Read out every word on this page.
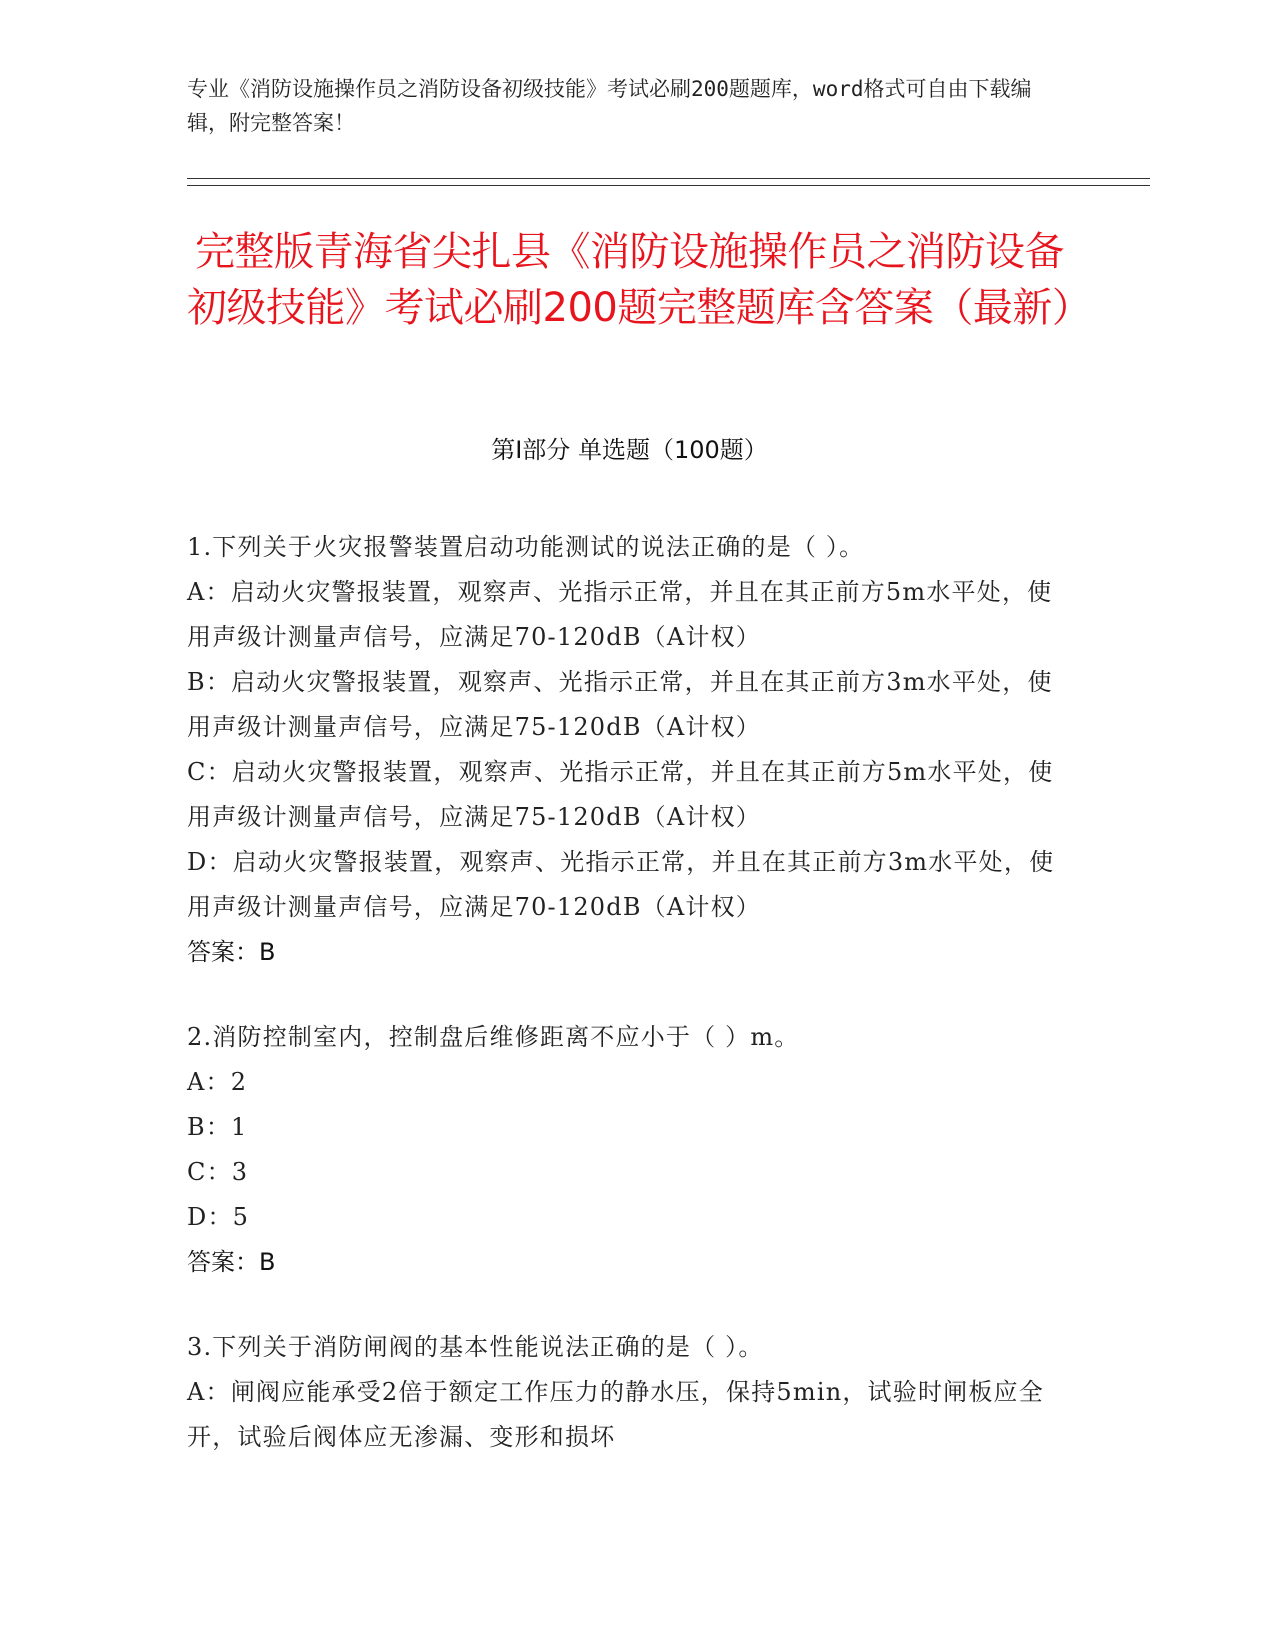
专业《消防设施操作员之消防设备初级技能》考试必刷200题题库，word格式可自由下载编辑，附完整答案！
完整版青海省尖扎县《消防设施操作员之消防设备初级技能》考试必刷200题完整题库含答案（最新）
第Ⅰ部分 单选题（100题）

1.下列关于火灾报警装置启动功能测试的说法正确的是（ ）。

A：启动火灾警报装置，观察声、光指示正常，并且在其正前方5m水平处，使用声级计测量声信号，应满足70-120dB（A计权）

B：启动火灾警报装置，观察声、光指示正常，并且在其正前方3m水平处，使用声级计测量声信号，应满足75-120dB（A计权）

C：启动火灾警报装置，观察声、光指示正常，并且在其正前方5m水平处，使用声级计测量声信号，应满足75-120dB（A计权）

D：启动火灾警报装置，观察声、光指示正常，并且在其正前方3m水平处，使用声级计测量声信号，应满足70-120dB（A计权）

答案：B

2.消防控制室内，控制盘后维修距离不应小于（ ）m。

A：2

B：1

C：3

D：5

答案：B

3.下列关于消防闸阀的基本性能说法正确的是（ ）。

A：闸阀应能承受2倍于额定工作压力的静水压，保持5min，试验时闸板应全开，试验后阀体应无渗漏、变形和损坏
